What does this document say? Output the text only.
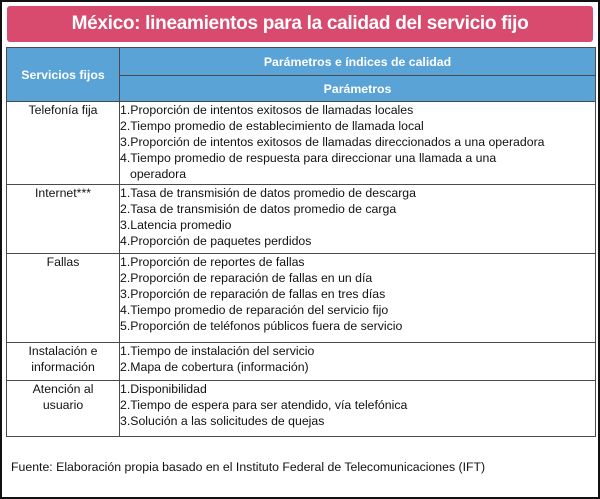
México: lineamientos para la calidad del servicio fijo
Servicios fijos	Parámetros e índices de calidad
	Parámetros
Telefonía fija	1.Proporción de intentos exitosos de llamadas locales
2.Tiempo promedio de establecimiento de llamada local
3.Proporción de intentos exitosos de llamadas direccionados a una operadora
4.Tiempo promedio de respuesta para direccionar una llamada a una
operadora

Internet***	1.Tasa de transmisión de datos promedio de descarga
2.Tasa de transmisión de datos promedio de carga
3.Latencia promedio
4.Proporción de paquetes perdidos

Fallas	1.Proporción de reportes de fallas
2.Proporción de reparación de fallas en un día
3.Proporción de reparación de fallas en tres días
4.Tiempo promedio de reparación del servicio fijo
5.Proporción de teléfonos públicos fuera de servicio

Instalación e
información	1.Tiempo de instalación del servicio
2.Mapa de cobertura (información)

Atención al
usuario	1.Disponibilidad
2.Tiempo de espera para ser atendido, vía telefónica
3.Solución a las solicitudes de quejas
Fuente: Elaboración propia basado en el Instituto Federal de Telecomunicaciones (IFT)
